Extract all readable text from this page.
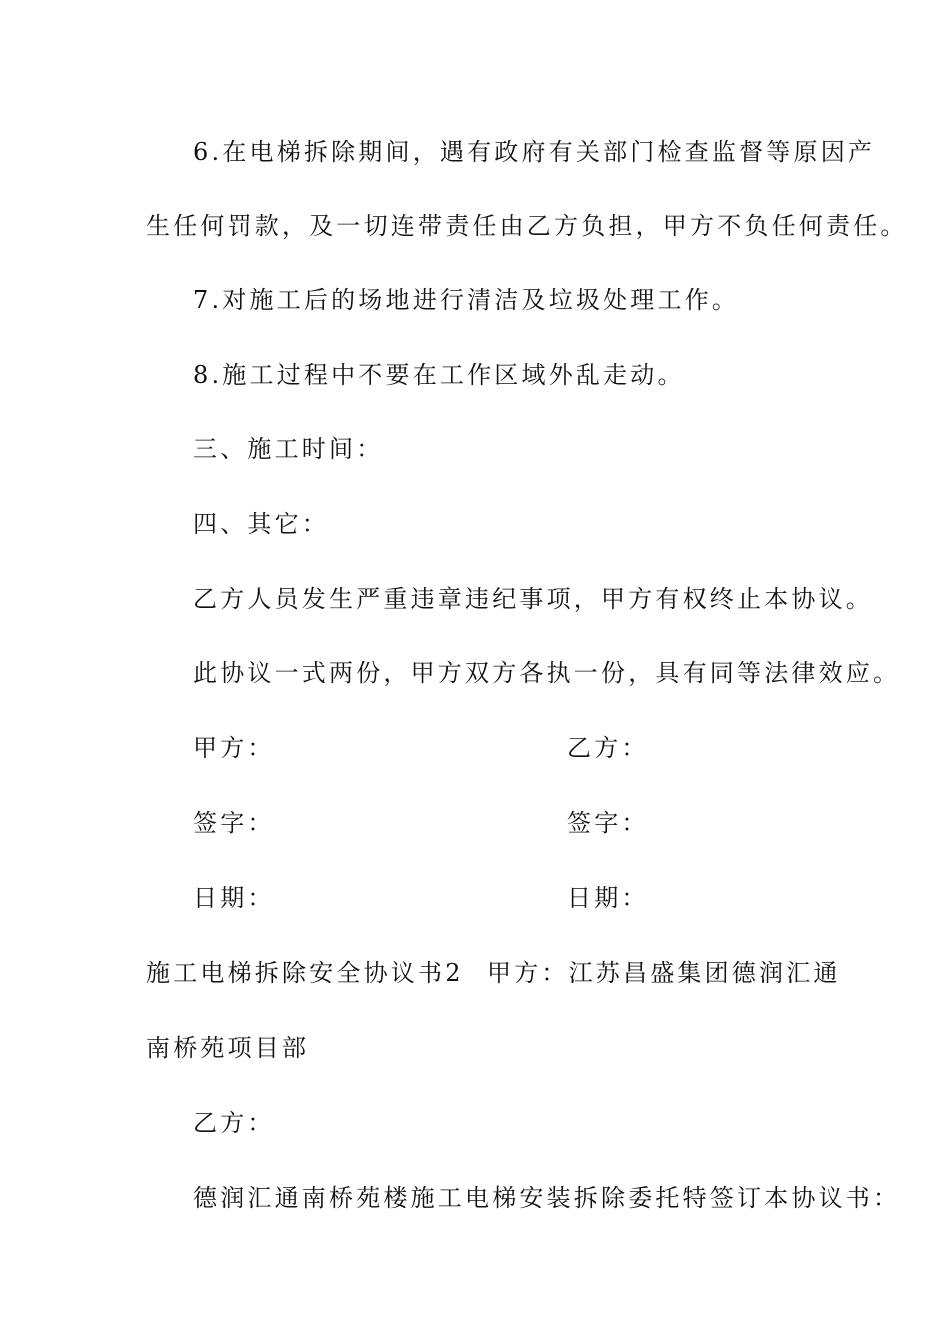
6.在电梯拆除期间，遇有政府有关部门检查监督等原因产
生任何罚款，及一切连带责任由乙方负担，甲方不负任何责任。
7.对施工后的场地进行清洁及垃圾处理工作。
8.施工过程中不要在工作区域外乱走动。
三、施工时间：
四、其它：
乙方人员发生严重违章违纪事项，甲方有权终止本协议。
此协议一式两份，甲方双方各执一份，具有同等法律效应。
甲方：	乙方：
签字：	签字：
日期：	日期：
施工电梯拆除安全协议书2 甲方：江苏昌盛集团德润汇通
南桥苑项目部
乙方：
德润汇通南桥苑楼施工电梯安装拆除委托特签订本协议书：
